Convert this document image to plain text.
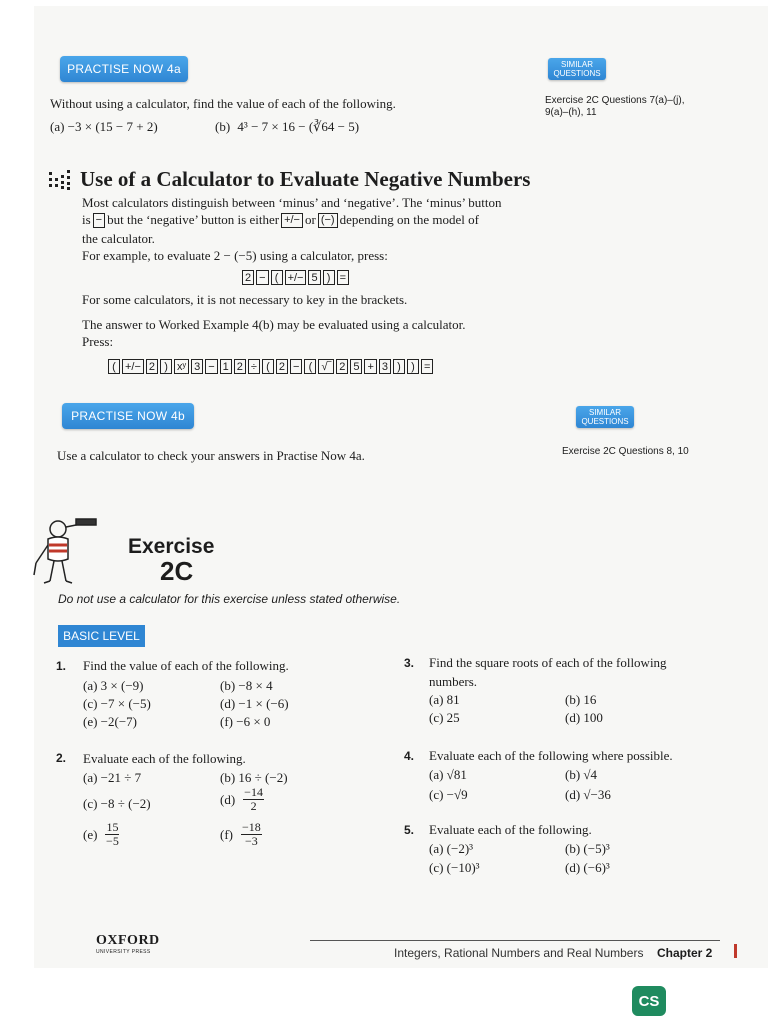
PRACTISE NOW 4a	SIMILAR
QUESTIONS
Exercise 2C Questions 7(a)–(j),
9(a)–(h), 11
Without using a calculator, find the value of each of the following.
(a) −3 × (15 − 7 + 2)	(b) 4³ − 7 × 16 − (∛64 − 5)
Use of a Calculator to Evaluate Negative Numbers
Most calculators distinguish between ‘minus’ and ‘negative’. The ‘minus’ button
is − but the ‘negative’ button is either +/− or (−) depending on the model of
the calculator.
For example, to evaluate 2 − (−5) using a calculator, press:
2 − ( +/− 5 ) =
For some calculators, it is not necessary to key in the brackets.
The answer to Worked Example 4(b) may be evaluated using a calculator.
Press:
( +/− 2 ) xʸ 3 − 1 2 ÷ ( 2 − ( √‾ 2 5 + 3 ) ) =
PRACTISE NOW 4b	SIMILAR
QUESTIONS
Exercise 2C Questions 8, 10
Use a calculator to check your answers in Practise Now 4a.
Exercise
2C
Do not use a calculator for this exercise unless stated otherwise.
BASIC LEVEL
1. Find the value of each of the following.
(a) 3 × (−9)	(b) −8 × 4
(c) −7 × (−5)	(d) −1 × (−6)
(e) −2(−7)	(f) −6 × 0
2. Evaluate each of the following.
(a) −21 ÷ 7	(b) 16 ÷ (−2)
(c) −8 ÷ (−2)	$(d) \frac{-14}{2}$
$(e) \frac{15}{-5}$	$(f) \frac{-18}{-3}$
3. Find the square roots of each of the following
numbers.
(a) 81	(b) 16
(c) 25	(d) 100
4. Evaluate each of the following where possible.
(a) √81	(b) √4
(c) −√9	(d) √−36
5. Evaluate each of the following.
(a) (−2)³	(b) (−5)³
(c) (−10)³	(d) (−6)³
OXFORD
UNIVERSITY PRESS	Integers, Rational Numbers and Real Numbers Chapter 2
CS
